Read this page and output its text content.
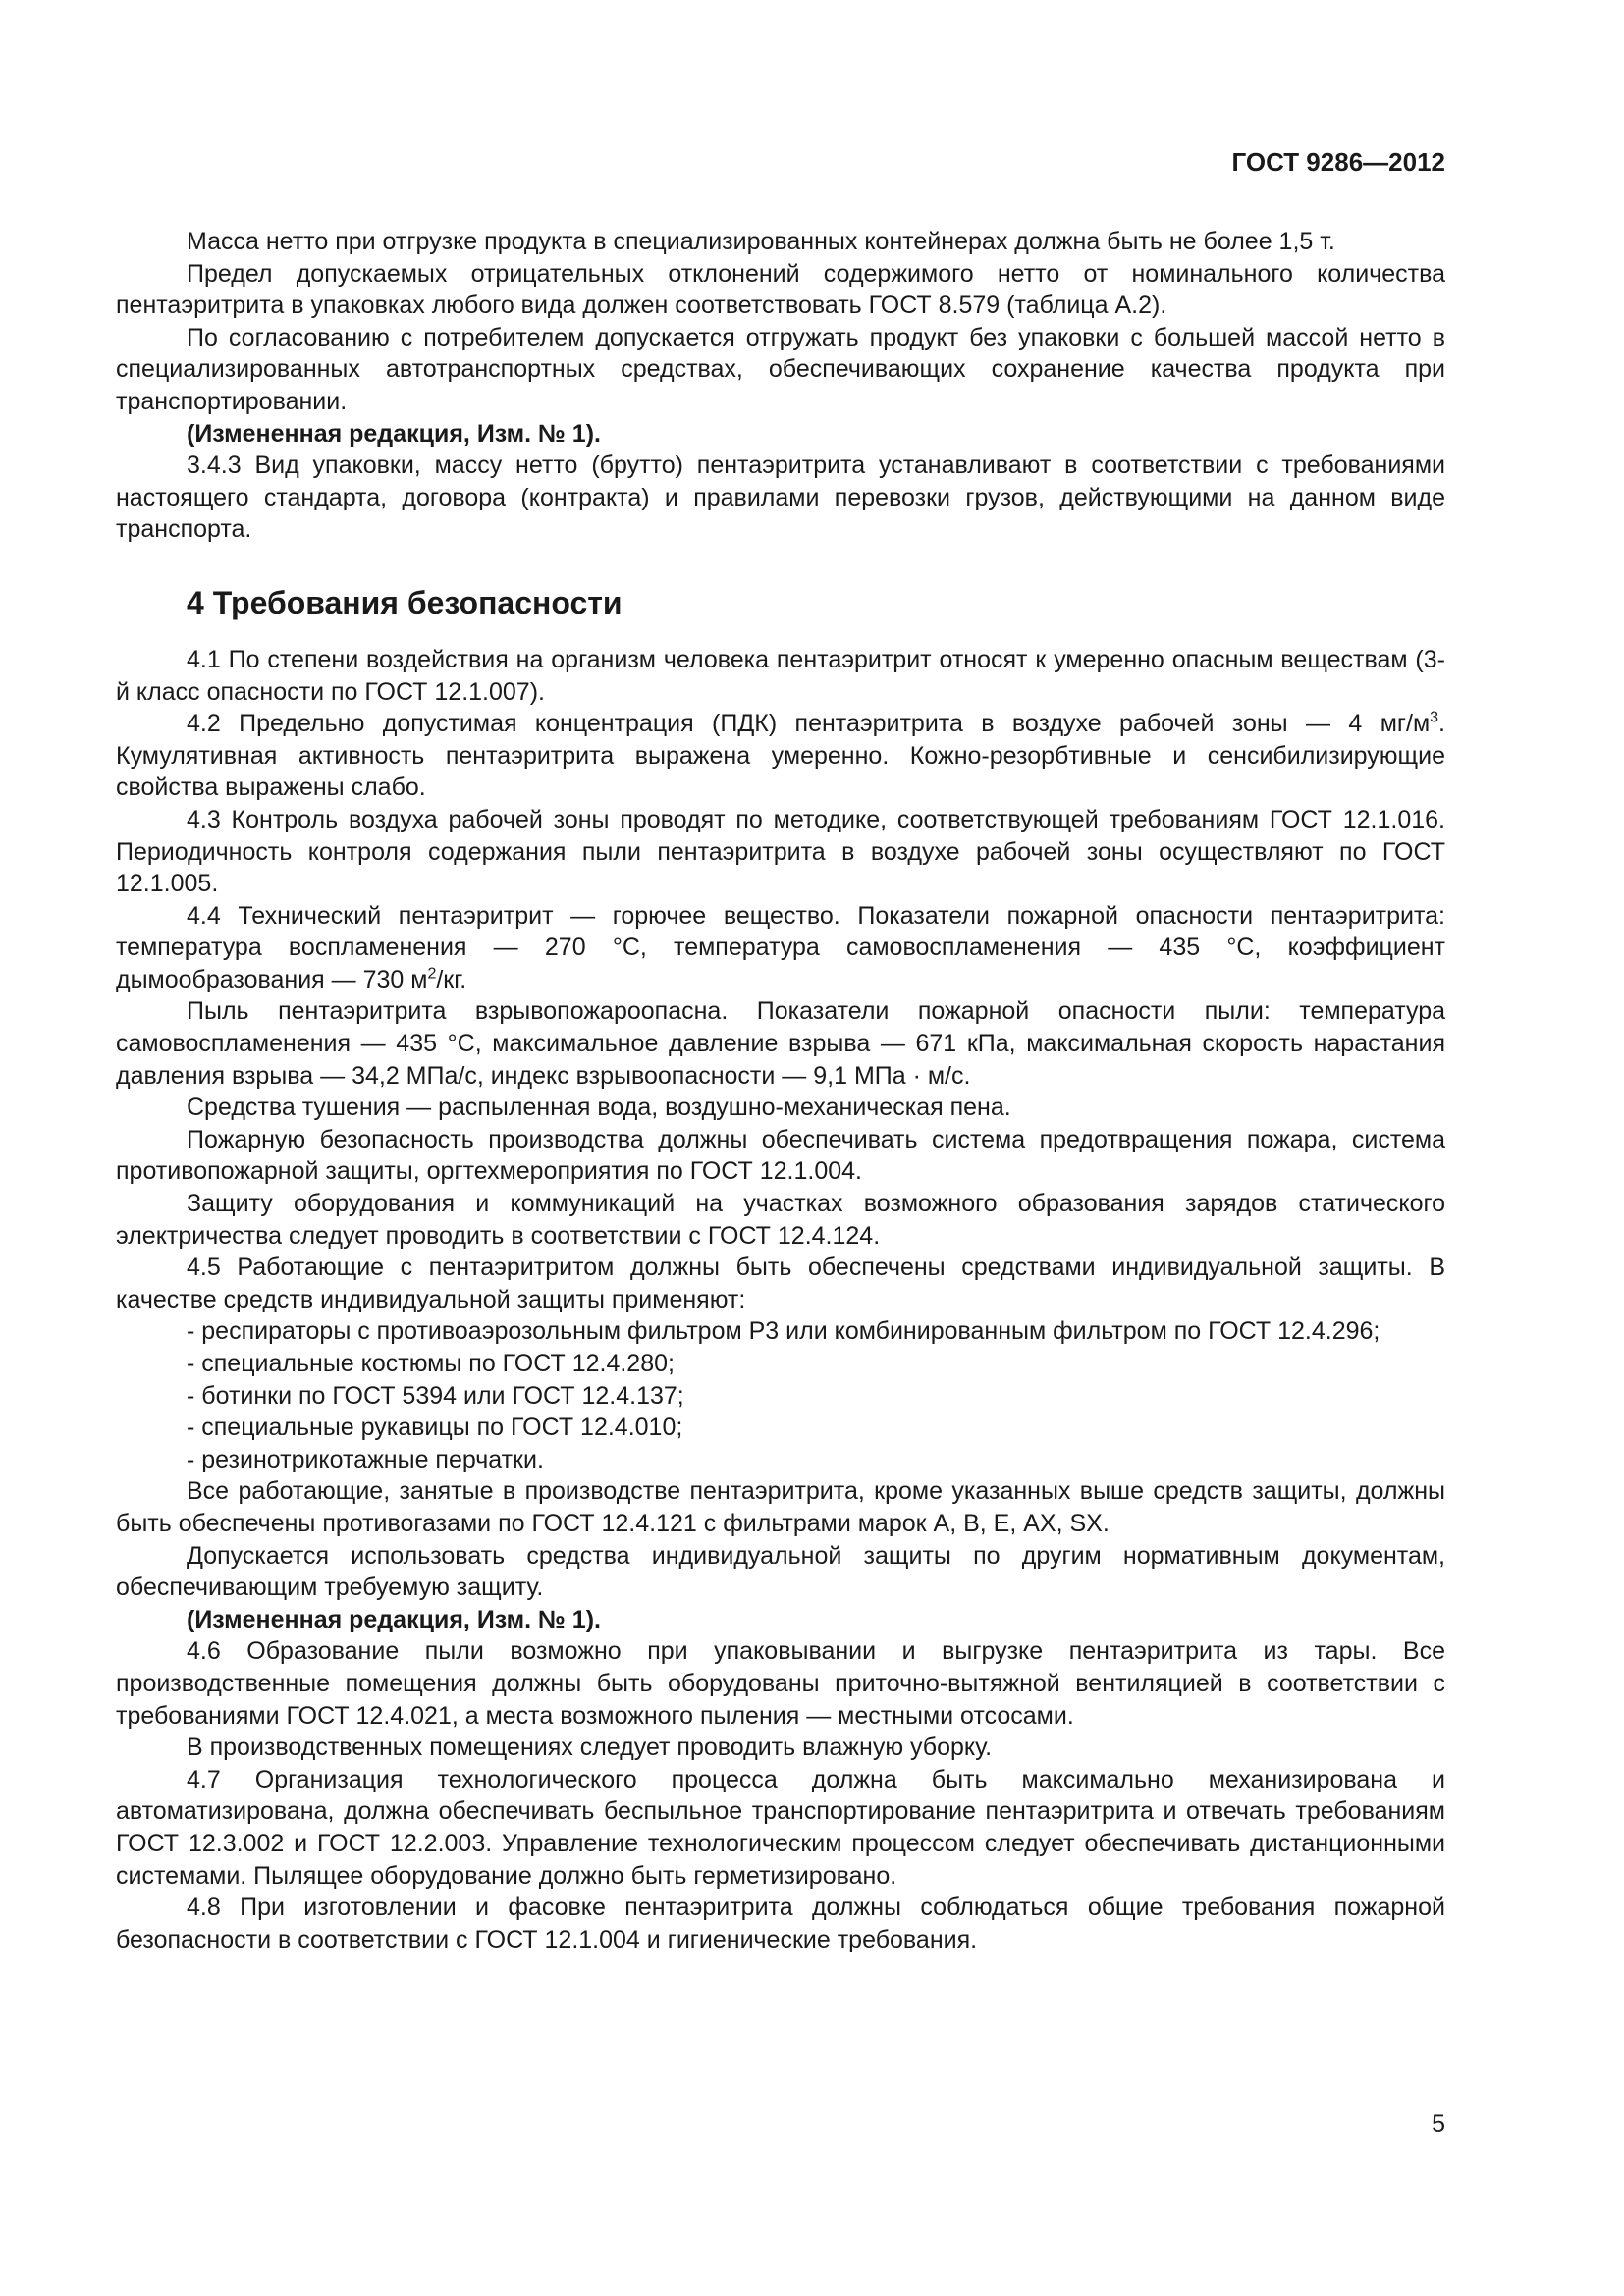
ГОСТ 9286—2012

Масса нетто при отгрузке продукта в специализированных контейнерах должна быть не более 1,5 т.

Предел допускаемых отрицательных отклонений содержимого нетто от номинального количества пентаэритрита в упаковках любого вида должен соответствовать ГОСТ 8.579 (таблица А.2).

По согласованию с потребителем допускается отгружать продукт без упаковки с большей массой нетто в специализированных автотранспортных средствах, обеспечивающих сохранение качества продукта при транспортировании.

(Измененная редакция, Изм. № 1).

3.4.3 Вид упаковки, массу нетто (брутто) пентаэритрита устанавливают в соответствии с требованиями настоящего стандарта, договора (контракта) и правилами перевозки грузов, действующими на данном виде транспорта.

4 Требования безопасности

4.1 По степени воздействия на организм человека пентаэритрит относят к умеренно опасным веществам (3-й класс опасности по ГОСТ 12.1.007).

4.2 Предельно допустимая концентрация (ПДК) пентаэритрита в воздухе рабочей зоны — 4 $мг/м^3$. Кумулятивная активность пентаэритрита выражена умеренно. Кожно-резорбтивные и сенсибилизирующие свойства выражены слабо.

4.3 Контроль воздуха рабочей зоны проводят по методике, соответствующей требованиям ГОСТ 12.1.016. Периодичность контроля содержания пыли пентаэритрита в воздухе рабочей зоны осуществляют по ГОСТ 12.1.005.

4.4 Технический пентаэритрит — горючее вещество. Показатели пожарной опасности пентаэритрита: температура воспламенения — 270 °С, температура самовоспламенения — 435 °С, коэффициент дымообразования — 730 $м^2/кг$.

Пыль пентаэритрита взрывопожароопасна. Показатели пожарной опасности пыли: температура самовоспламенения — 435 °С, максимальное давление взрыва — 671 кПа, максимальная скорость нарастания давления взрыва — 34,2 МПа/с, индекс взрывоопасности — 9,1 МПа · м/с.

Средства тушения — распыленная вода, воздушно-механическая пена.

Пожарную безопасность производства должны обеспечивать система предотвращения пожара, система противопожарной защиты, оргтехмероприятия по ГОСТ 12.1.004.

Защиту оборудования и коммуникаций на участках возможного образования зарядов статического электричества следует проводить в соответствии с ГОСТ 12.4.124.

4.5 Работающие с пентаэритритом должны быть обеспечены средствами индивидуальной защиты. В качестве средств индивидуальной защиты применяют:

- респираторы с противоаэрозольным фильтром Р3 или комбинированным фильтром по ГОСТ 12.4.296;

- специальные костюмы по ГОСТ 12.4.280;

- ботинки по ГОСТ 5394 или ГОСТ 12.4.137;

- специальные рукавицы по ГОСТ 12.4.010;

- резинотрикотажные перчатки.

Все работающие, занятые в производстве пентаэритрита, кроме указанных выше средств защиты, должны быть обеспечены противогазами по ГОСТ 12.4.121 с фильтрами марок А, В, Е, АХ, SX.

Допускается использовать средства индивидуальной защиты по другим нормативным документам, обеспечивающим требуемую защиту.

(Измененная редакция, Изм. № 1).

4.6 Образование пыли возможно при упаковывании и выгрузке пентаэритрита из тары. Все производственные помещения должны быть оборудованы приточно-вытяжной вентиляцией в соответствии с требованиями ГОСТ 12.4.021, а места возможного пыления — местными отсосами.

В производственных помещениях следует проводить влажную уборку.

4.7 Организация технологического процесса должна быть максимально механизирована и автоматизирована, должна обеспечивать беспыльное транспортирование пентаэритрита и отвечать требованиям ГОСТ 12.3.002 и ГОСТ 12.2.003. Управление технологическим процессом следует обеспечивать дистанционными системами. Пылящее оборудование должно быть герметизировано.

4.8 При изготовлении и фасовке пентаэритрита должны соблюдаться общие требования пожарной безопасности в соответствии с ГОСТ 12.1.004 и гигиенические требования.

5
